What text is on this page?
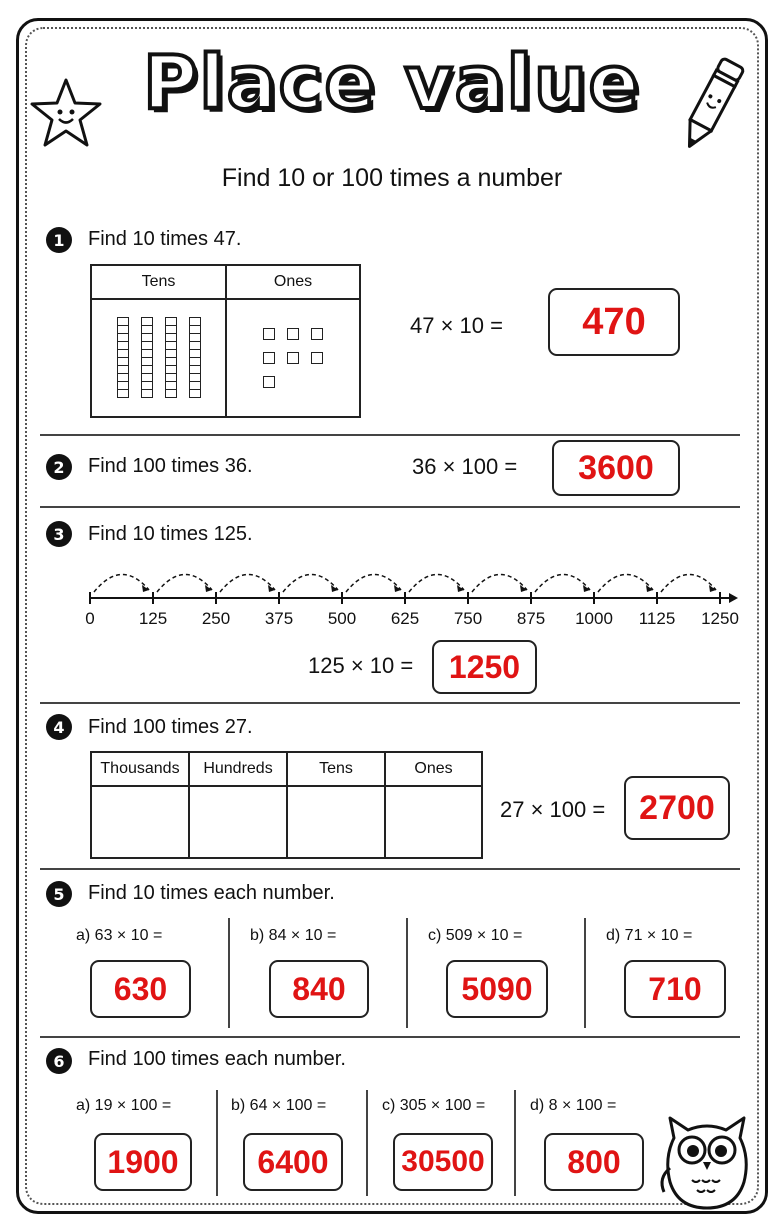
Place value
Find 10 or 100 times a number
1	Find 10 times 47.
Tens	Ones

47 × 10 =	470
2	Find 100 times 36.	36 × 100 =	3600
3	Find 10 times 125.
0	125 250 375 500 625 750 875 1000 1125 1250
125 × 10 =	1250
4	Find 100 times 27.
Thousands	Hundreds	Tens	Ones

27 × 100 = 2700
5	Find 10 times each number.
a) 63 × 10 =
630
b) 84 × 10 =
840
c) 509 × 10 =
5090
d) 71 × 10 =
710
6	Find 100 times each number.
a) 19 × 100 =
1900
b) 64 × 100 =
6400
c) 305 × 100 =
30500
d) 8 × 100 =
800
